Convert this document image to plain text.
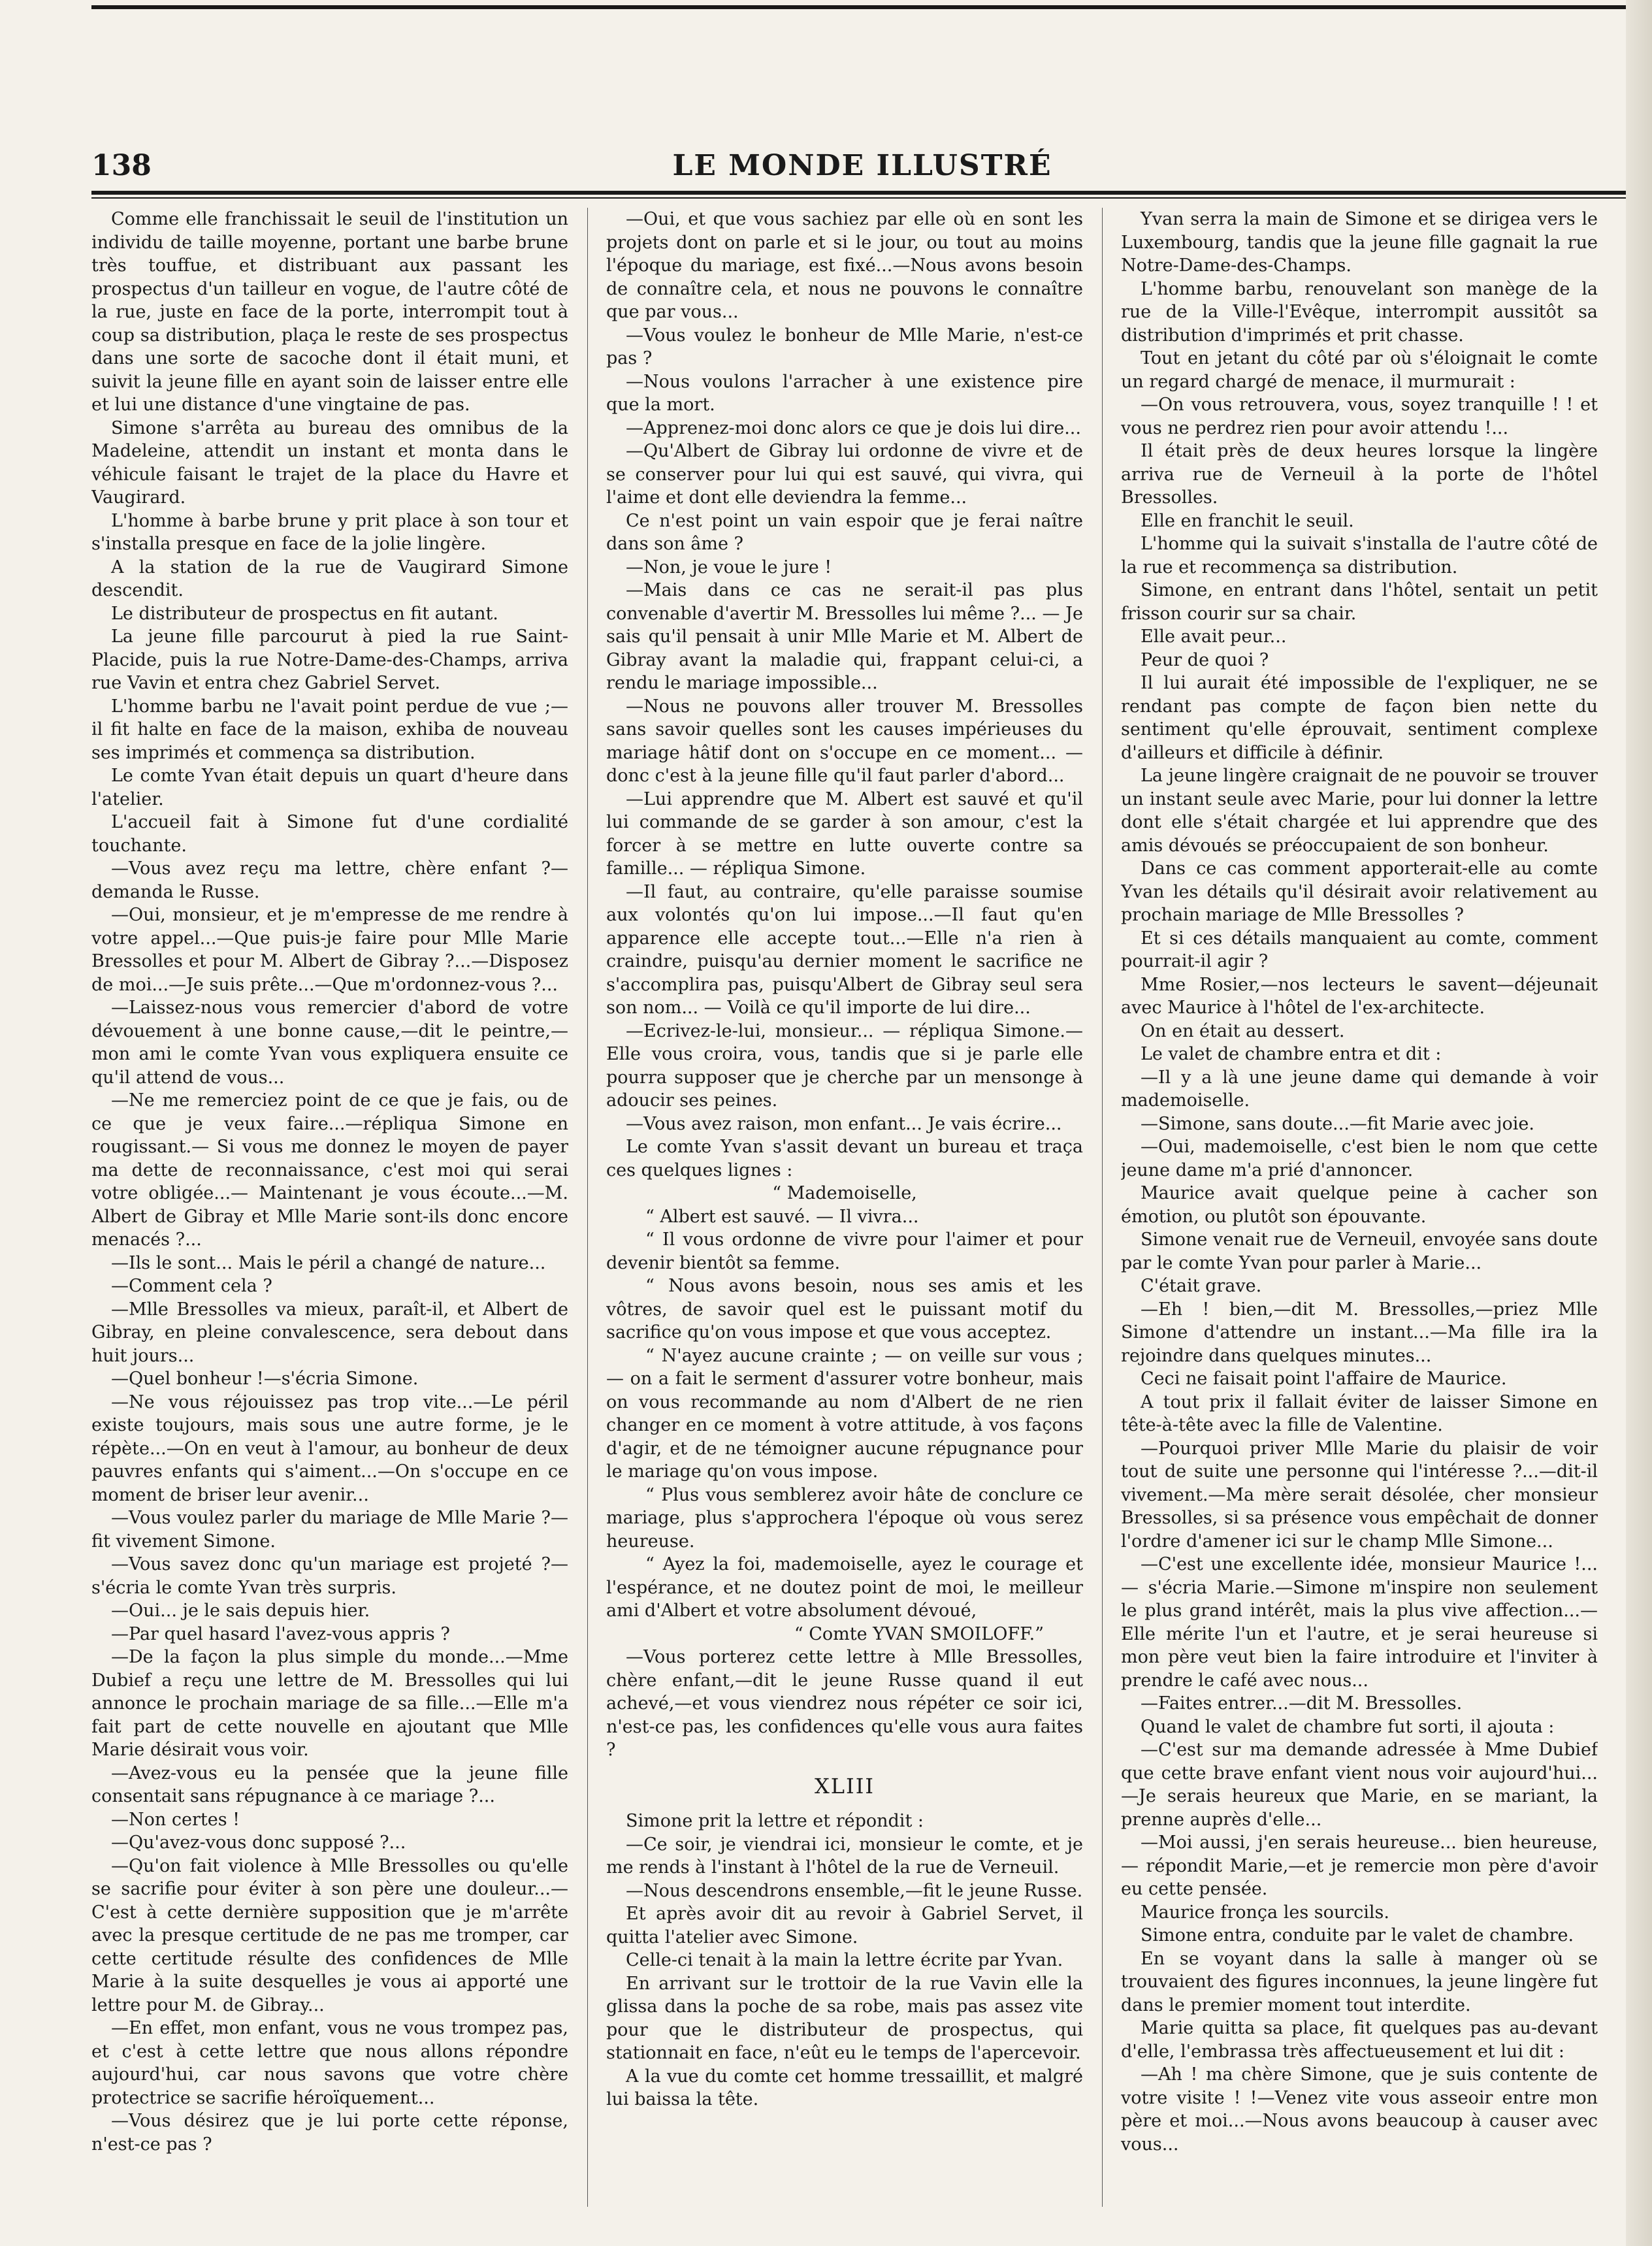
138	LE MONDE ILLUSTRÉ

Comme elle franchissait le seuil de l'institution un individu de taille moyenne, portant une barbe brune très touffue, et distribuant aux passant les prospectus d'un tailleur en vogue, de l'autre côté de la rue, juste en face de la porte, interrompit tout à coup sa distribution, plaça le reste de ses prospectus dans une sorte de sacoche dont il était muni, et suivit la jeune fille en ayant soin de laisser entre elle et lui une distance d'une vingtaine de pas.

Simone s'arrêta au bureau des omnibus de la Madeleine, attendit un instant et monta dans le véhicule faisant le trajet de la place du Havre et Vaugirard.

L'homme à barbe brune y prit place à son tour et s'installa presque en face de la jolie lingère.

A la station de la rue de Vaugirard Simone descendit.

Le distributeur de prospectus en fit autant.

La jeune fille parcourut à pied la rue Saint-Placide, puis la rue Notre-Dame-des-Champs, arriva rue Vavin et entra chez Gabriel Servet.

L'homme barbu ne l'avait point perdue de vue ;— il fit halte en face de la maison, exhiba de nouveau ses imprimés et commença sa distribution.

Le comte Yvan était depuis un quart d'heure dans l'atelier.

L'accueil fait à Simone fut d'une cordialité touchante.

—Vous avez reçu ma lettre, chère enfant ?—demanda le Russe.

—Oui, monsieur, et je m'empresse de me rendre à votre appel...—Que puis-je faire pour Mlle Marie Bressolles et pour M. Albert de Gibray ?...—Disposez de moi...—Je suis prête...—Que m'ordonnez-vous ?...

—Laissez-nous vous remercier d'abord de votre dévouement à une bonne cause,—dit le peintre,—mon ami le comte Yvan vous expliquera ensuite ce qu'il attend de vous...

—Ne me remerciez point de ce que je fais, ou de ce que je veux faire...—répliqua Simone en rougissant.— Si vous me donnez le moyen de payer ma dette de reconnaissance, c'est moi qui serai votre obligée...— Maintenant je vous écoute...—M. Albert de Gibray et Mlle Marie sont-ils donc encore menacés ?...

—Ils le sont... Mais le péril a changé de nature...

—Comment cela ?

—Mlle Bressolles va mieux, paraît-il, et Albert de Gibray, en pleine convalescence, sera debout dans huit jours...

—Quel bonheur !—s'écria Simone.

—Ne vous réjouissez pas trop vite...—Le péril existe toujours, mais sous une autre forme, je le répète...—On en veut à l'amour, au bonheur de deux pauvres enfants qui s'aiment...—On s'occupe en ce moment de briser leur avenir...

—Vous voulez parler du mariage de Mlle Marie ?— fit vivement Simone.

—Vous savez donc qu'un mariage est projeté ?— s'écria le comte Yvan très surpris.

—Oui... je le sais depuis hier.

—Par quel hasard l'avez-vous appris ?

—De la façon la plus simple du monde...—Mme Dubief a reçu une lettre de M. Bressolles qui lui annonce le prochain mariage de sa fille...—Elle m'a fait part de cette nouvelle en ajoutant que Mlle Marie désirait vous voir.

—Avez-vous eu la pensée que la jeune fille consentait sans répugnance à ce mariage ?...

—Non certes !

—Qu'avez-vous donc supposé ?...

—Qu'on fait violence à Mlle Bressolles ou qu'elle se sacrifie pour éviter à son père une douleur...— C'est à cette dernière supposition que je m'arrête avec la presque certitude de ne pas me tromper, car cette certitude résulte des confidences de Mlle Marie à la suite desquelles je vous ai apporté une lettre pour M. de Gibray...

—En effet, mon enfant, vous ne vous trompez pas, et c'est à cette lettre que nous allons répondre aujourd'hui, car nous savons que votre chère protectrice se sacrifie héroïquement...

—Vous désirez que je lui porte cette réponse, n'est-ce pas ?

—Oui, et que vous sachiez par elle où en sont les projets dont on parle et si le jour, ou tout au moins l'époque du mariage, est fixé...—Nous avons besoin de connaître cela, et nous ne pouvons le connaître que par vous...

—Vous voulez le bonheur de Mlle Marie, n'est-ce pas ?

—Nous voulons l'arracher à une existence pire que la mort.

—Apprenez-moi donc alors ce que je dois lui dire...

—Qu'Albert de Gibray lui ordonne de vivre et de se conserver pour lui qui est sauvé, qui vivra, qui l'aime et dont elle deviendra la femme...

Ce n'est point un vain espoir que je ferai naître dans son âme ?

—Non, je voue le jure !

—Mais dans ce cas ne serait-il pas plus convenable d'avertir M. Bressolles lui même ?... — Je sais qu'il pensait à unir Mlle Marie et M. Albert de Gibray avant la maladie qui, frappant celui-ci, a rendu le mariage impossible...

—Nous ne pouvons aller trouver M. Bressolles sans savoir quelles sont les causes impérieuses du mariage hâtif dont on s'occupe en ce moment... — donc c'est à la jeune fille qu'il faut parler d'abord...

—Lui apprendre que M. Albert est sauvé et qu'il lui commande de se garder à son amour, c'est la forcer à se mettre en lutte ouverte contre sa famille... — répliqua Simone.

—Il faut, au contraire, qu'elle paraisse soumise aux volontés qu'on lui impose...—Il faut qu'en apparence elle accepte tout...—Elle n'a rien à craindre, puisqu'au dernier moment le sacrifice ne s'accomplira pas, puisqu'Albert de Gibray seul sera son nom... — Voilà ce qu'il importe de lui dire...

—Ecrivez-le-lui, monsieur... — répliqua Simone.— Elle vous croira, vous, tandis que si je parle elle pourra supposer que je cherche par un mensonge à adoucir ses peines.

—Vous avez raison, mon enfant... Je vais écrire...

Le comte Yvan s'assit devant un bureau et traça ces quelques lignes :

“ Mademoiselle,

“ Albert est sauvé. — Il vivra...

“ Il vous ordonne de vivre pour l'aimer et pour devenir bientôt sa femme.

“ Nous avons besoin, nous ses amis et les vôtres, de savoir quel est le puissant motif du sacrifice qu'on vous impose et que vous acceptez.

“ N'ayez aucune crainte ; — on veille sur vous ; — on a fait le serment d'assurer votre bonheur, mais on vous recommande au nom d'Albert de ne rien changer en ce moment à votre attitude, à vos façons d'agir, et de ne témoigner aucune répugnance pour le mariage qu'on vous impose.

“ Plus vous semblerez avoir hâte de conclure ce mariage, plus s'approchera l'époque où vous serez heureuse.

“ Ayez la foi, mademoiselle, ayez le courage et l'espérance, et ne doutez point de moi, le meilleur ami d'Albert et votre absolument dévoué,

“ Comte YVAN SMOILOFF.”

—Vous porterez cette lettre à Mlle Bressolles, chère enfant,—dit le jeune Russe quand il eut achevé,—et vous viendrez nous répéter ce soir ici, n'est-ce pas, les confidences qu'elle vous aura faites ?

XLIII

Simone prit la lettre et répondit :

—Ce soir, je viendrai ici, monsieur le comte, et je me rends à l'instant à l'hôtel de la rue de Verneuil.

—Nous descendrons ensemble,—fit le jeune Russe.

Et après avoir dit au revoir à Gabriel Servet, il quitta l'atelier avec Simone.

Celle-ci tenait à la main la lettre écrite par Yvan.

En arrivant sur le trottoir de la rue Vavin elle la glissa dans la poche de sa robe, mais pas assez vite pour que le distributeur de prospectus, qui stationnait en face, n'eût eu le temps de l'apercevoir.

A la vue du comte cet homme tressaillit, et malgré lui baissa la tête.

Yvan serra la main de Simone et se dirigea vers le Luxembourg, tandis que la jeune fille gagnait la rue Notre-Dame-des-Champs.

L'homme barbu, renouvelant son manège de la rue de la Ville-l'Evêque, interrompit aussitôt sa distribution d'imprimés et prit chasse.

Tout en jetant du côté par où s'éloignait le comte un regard chargé de menace, il murmurait :

—On vous retrouvera, vous, soyez tranquille ! ! et vous ne perdrez rien pour avoir attendu !...

Il était près de deux heures lorsque la lingère arriva rue de Verneuil à la porte de l'hôtel Bressolles.

Elle en franchit le seuil.

L'homme qui la suivait s'installa de l'autre côté de la rue et recommença sa distribution.

Simone, en entrant dans l'hôtel, sentait un petit frisson courir sur sa chair.

Elle avait peur...

Peur de quoi ?

Il lui aurait été impossible de l'expliquer, ne se rendant pas compte de façon bien nette du sentiment qu'elle éprouvait, sentiment complexe d'ailleurs et difficile à définir.

La jeune lingère craignait de ne pouvoir se trouver un instant seule avec Marie, pour lui donner la lettre dont elle s'était chargée et lui apprendre que des amis dévoués se préoccupaient de son bonheur.

Dans ce cas comment apporterait-elle au comte Yvan les détails qu'il désirait avoir relativement au prochain mariage de Mlle Bressolles ?

Et si ces détails manquaient au comte, comment pourrait-il agir ?

Mme Rosier,—nos lecteurs le savent—déjeunait avec Maurice à l'hôtel de l'ex-architecte.

On en était au dessert.

Le valet de chambre entra et dit :

—Il y a là une jeune dame qui demande à voir mademoiselle.

—Simone, sans doute...—fit Marie avec joie.

—Oui, mademoiselle, c'est bien le nom que cette jeune dame m'a prié d'annoncer.

Maurice avait quelque peine à cacher son émotion, ou plutôt son épouvante.

Simone venait rue de Verneuil, envoyée sans doute par le comte Yvan pour parler à Marie...

C'était grave.

—Eh ! bien,—dit M. Bressolles,—priez Mlle Simone d'attendre un instant...—Ma fille ira la rejoindre dans quelques minutes...

Ceci ne faisait point l'affaire de Maurice.

A tout prix il fallait éviter de laisser Simone en tête-à-tête avec la fille de Valentine.

—Pourquoi priver Mlle Marie du plaisir de voir tout de suite une personne qui l'intéresse ?...—dit-il vivement.—Ma mère serait désolée, cher monsieur Bressolles, si sa présence vous empêchait de donner l'ordre d'amener ici sur le champ Mlle Simone...

—C'est une excellente idée, monsieur Maurice !...— s'écria Marie.—Simone m'inspire non seulement le plus grand intérêt, mais la plus vive affection...—Elle mérite l'un et l'autre, et je serai heureuse si mon père veut bien la faire introduire et l'inviter à prendre le café avec nous...

—Faites entrer...—dit M. Bressolles.

Quand le valet de chambre fut sorti, il ajouta :

—C'est sur ma demande adressée à Mme Dubief que cette brave enfant vient nous voir aujourd'hui... —Je serais heureux que Marie, en se mariant, la prenne auprès d'elle...

—Moi aussi, j'en serais heureuse... bien heureuse,— répondit Marie,—et je remercie mon père d'avoir eu cette pensée.

Maurice fronça les sourcils.

Simone entra, conduite par le valet de chambre.

En se voyant dans la salle à manger où se trouvaient des figures inconnues, la jeune lingère fut dans le premier moment tout interdite.

Marie quitta sa place, fit quelques pas au-devant d'elle, l'embrassa très affectueusement et lui dit :

—Ah ! ma chère Simone, que je suis contente de votre visite ! !—Venez vite vous asseoir entre mon père et moi...—Nous avons beaucoup à causer avec vous...
